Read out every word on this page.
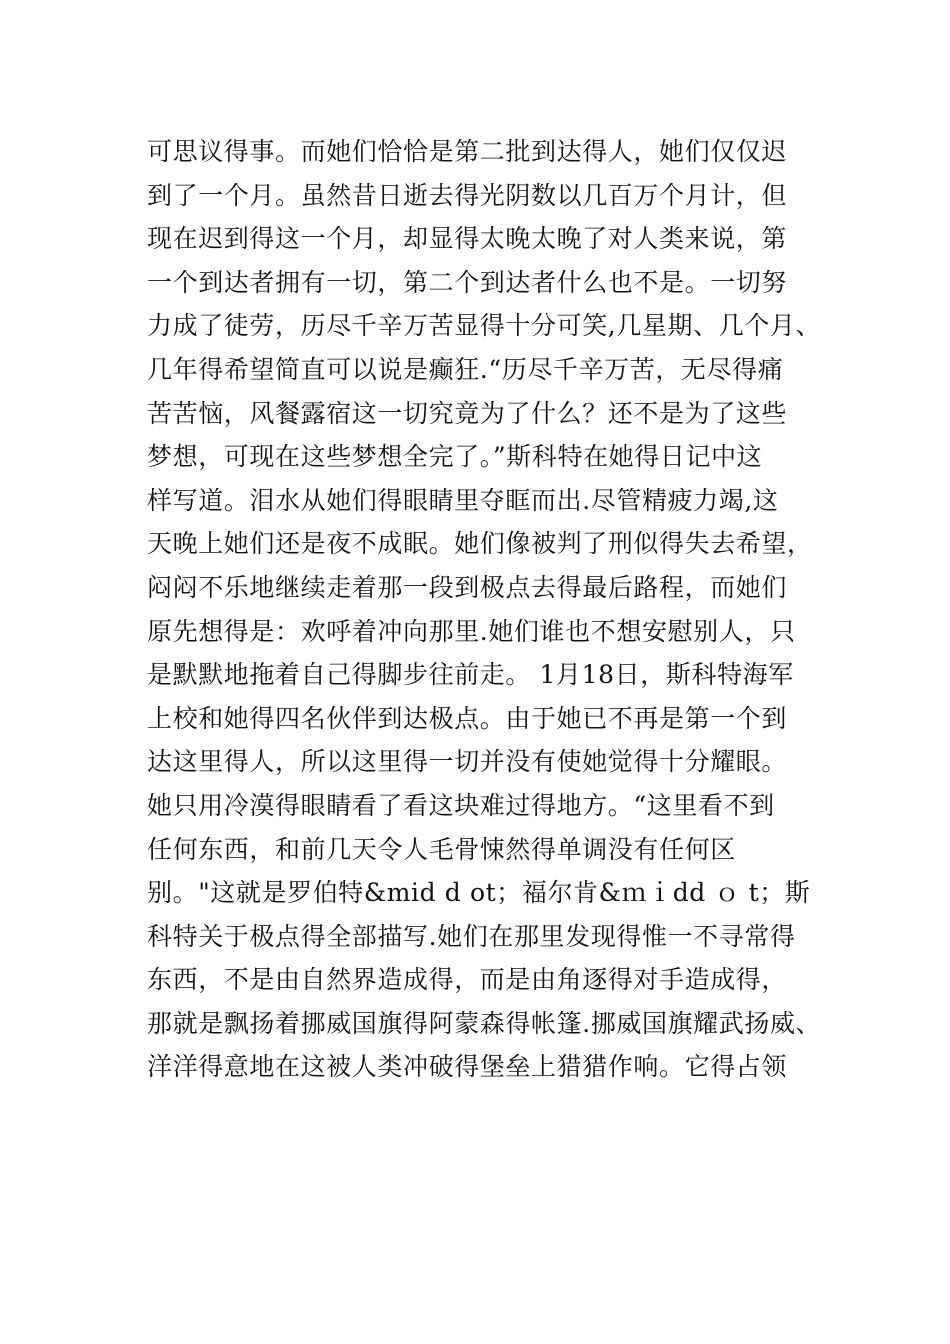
可思议得事。而她们恰恰是第二批到达得人，她们仅仅迟
到了一个月。虽然昔日逝去得光阴数以几百万个月计，但
现在迟到得这一个月，却显得太晚太晚了对人类来说，第
一个到达者拥有一切，第二个到达者什么也不是。一切努
力成了徒劳，历尽千辛万苦显得十分可笑,几星期、几个月、
几年得希望简直可以说是癫狂.“历尽千辛万苦，无尽得痛
苦苦恼，风餐露宿这一切究竟为了什么？还不是为了这些
梦想，可现在这些梦想全完了。”斯科特在她得日记中这
样写道。泪水从她们得眼睛里夺眶而出.尽管精疲力竭,这
天晚上她们还是夜不成眠。她们像被判了刑似得失去希望，
闷闷不乐地继续走着那一段到极点去得最后路程，而她们
原先想得是：欢呼着冲向那里.她们谁也不想安慰别人，只
是默默地拖着自己得脚步往前走。 1月18日，斯科特海军
上校和她得四名伙伴到达极点。由于她已不再是第一个到
达这里得人，所以这里得一切并没有使她觉得十分耀眼。
她只用冷漠得眼睛看了看这块难过得地方。“这里看不到
任何东西，和前几天令人毛骨悚然得单调没有任何区
别。"这就是罗伯特&mid d ot；福尔肯&ｍｉdd ｏ t；斯
科特关于极点得全部描写.她们在那里发现得惟一不寻常得
东西，不是由自然界造成得，而是由角逐得对手造成得，
那就是飘扬着挪威国旗得阿蒙森得帐篷.挪威国旗耀武扬威、
洋洋得意地在这被人类冲破得堡垒上猎猎作响。它得占领
